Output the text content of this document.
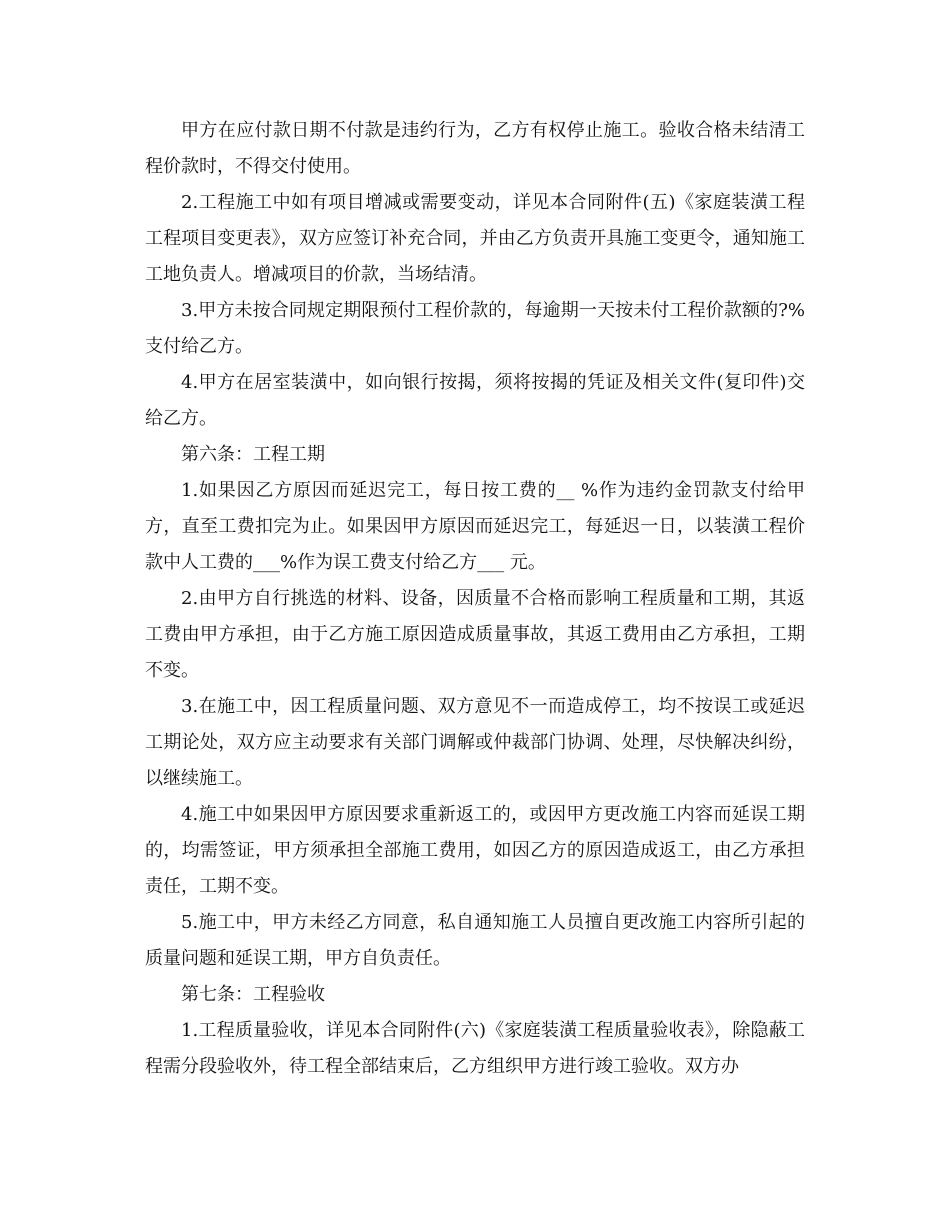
甲方在应付款日期不付款是违约行为，乙方有权停止施工。验收合格未结清工程价款时，不得交付使用。

2.工程施工中如有项目增减或需要变动，详见本合同附件(五)《家庭装潢工程工程项目变更表》，双方应签订补充合同，并由乙方负责开具施工变更令，通知施工工地负责人。增减项目的价款，当场结清。

3.甲方未按合同规定期限预付工程价款的，每逾期一天按未付工程价款额的?%支付给乙方。

4.甲方在居室装潢中，如向银行按揭，须将按揭的凭证及相关文件(复印件)交给乙方。

第六条：工程工期

1.如果因乙方原因而延迟完工，每日按工费的__ %作为违约金罚款支付给甲方，直至工费扣完为止。如果因甲方原因而延迟完工，每延迟一日，以装潢工程价款中人工费的___%作为误工费支付给乙方___ 元。

2.由甲方自行挑选的材料、设备，因质量不合格而影响工程质量和工期，其返工费由甲方承担，由于乙方施工原因造成质量事故，其返工费用由乙方承担，工期不变。

3.在施工中，因工程质量问题、双方意见不一而造成停工，均不按误工或延迟工期论处，双方应主动要求有关部门调解或仲裁部门协调、处理，尽快解决纠纷，以继续施工。

4.施工中如果因甲方原因要求重新返工的，或因甲方更改施工内容而延误工期的，均需签证，甲方须承担全部施工费用，如因乙方的原因造成返工，由乙方承担责任，工期不变。

5.施工中，甲方未经乙方同意，私自通知施工人员擅自更改施工内容所引起的质量问题和延误工期，甲方自负责任。

第七条：工程验收

1.工程质量验收，详见本合同附件(六)《家庭装潢工程质量验收表》，除隐蔽工程需分段验收外，待工程全部结束后，乙方组织甲方进行竣工验收。双方办
